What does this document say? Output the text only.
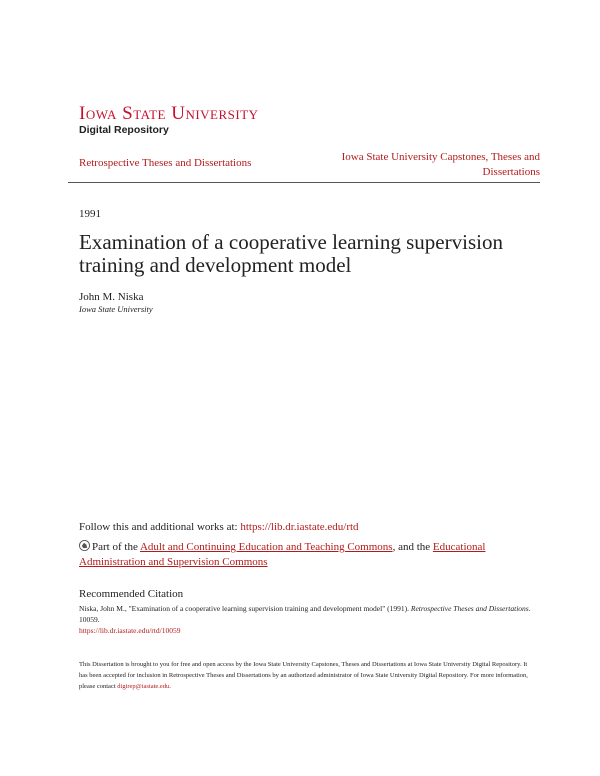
Iowa State University
Digital Repository
Retrospective Theses and Dissertations	Iowa State University Capstones, Theses and Dissertations
1991
Examination of a cooperative learning supervision training and development model
John M. Niska
Iowa State University
Follow this and additional works at: https://lib.dr.iastate.edu/rtd
Part of the Adult and Continuing Education and Teaching Commons, and the Educational Administration and Supervision Commons
Recommended Citation
Niska, John M., "Examination of a cooperative learning supervision training and development model" (1991). Retrospective Theses and Dissertations. 10059.
https://lib.dr.iastate.edu/rtd/10059
This Dissertation is brought to you for free and open access by the Iowa State University Capstones, Theses and Dissertations at Iowa State University Digital Repository. It has been accepted for inclusion in Retrospective Theses and Dissertations by an authorized administrator of Iowa State University Digital Repository. For more information, please contact digirep@iastate.edu.
